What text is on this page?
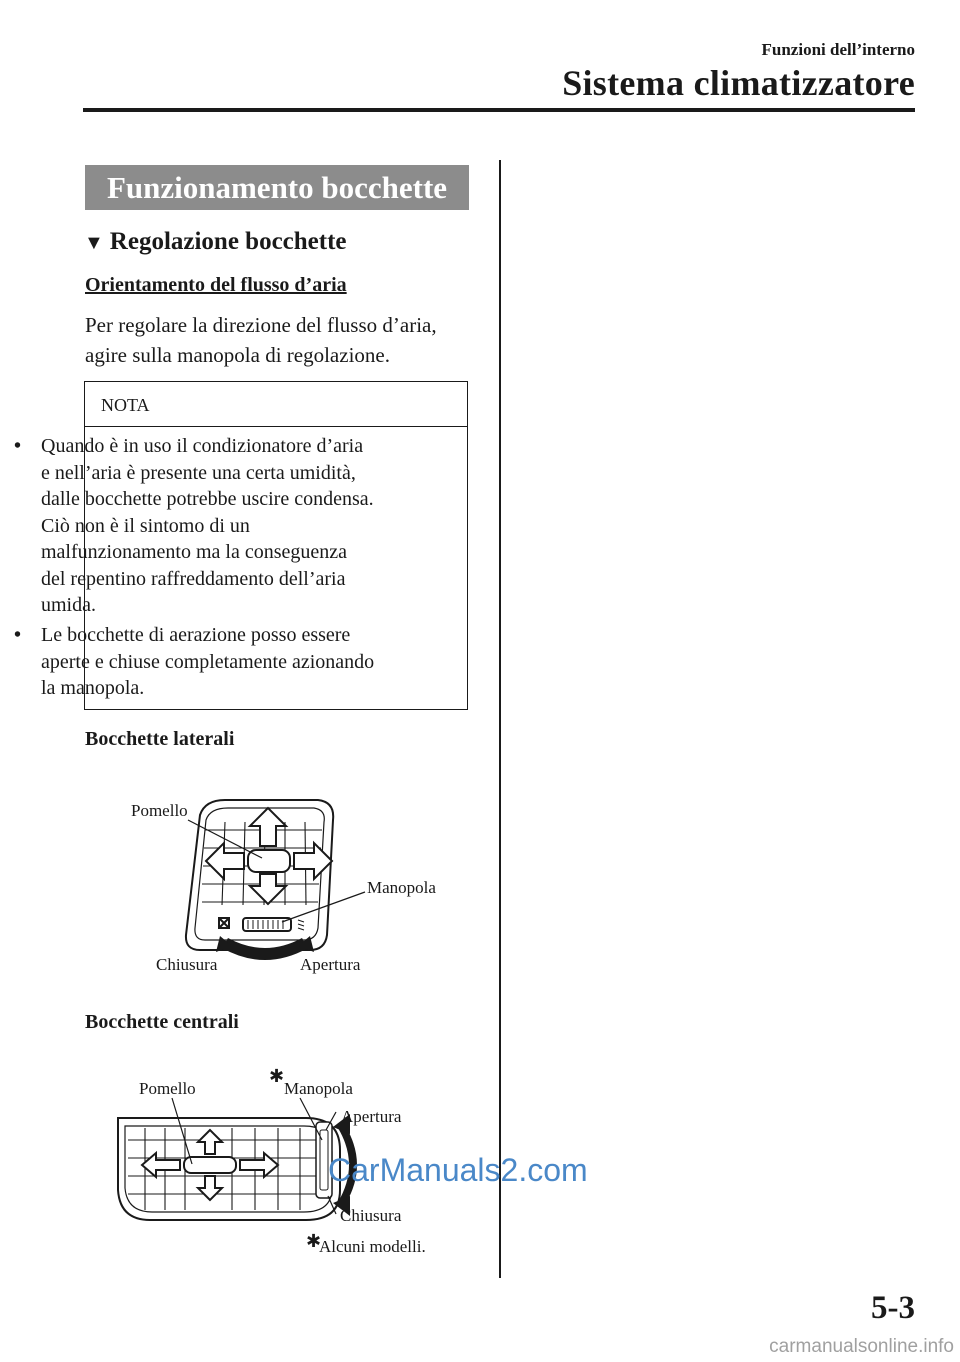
Funzioni dell’interno
Sistema climatizzatore
Funzionamento bocchette
▼ Regolazione bocchette
Orientamento del flusso d’aria
Per regolare la direzione del flusso d’aria, agire sulla manopola di regolazione.
NOTA
• Quando è in uso il condizionatore d’aria e nell’aria è presente una certa umidità, dalle bocchette potrebbe uscire condensa. Ciò non è il sintomo di un malfunzionamento ma la conseguenza del repentino raffreddamento dell’aria umida.
• Le bocchette di aerazione posso essere aperte e chiuse completamente azionando la manopola.
Bocchette laterali
Pomello
Manopola
Chiusura	Apertura
Bocchette centrali
✱
Pomello	Manopola
Apertura
Chiusura
✱
Alcuni modelli.
CarManuals2.com
5-3
carmanualsonline.info
